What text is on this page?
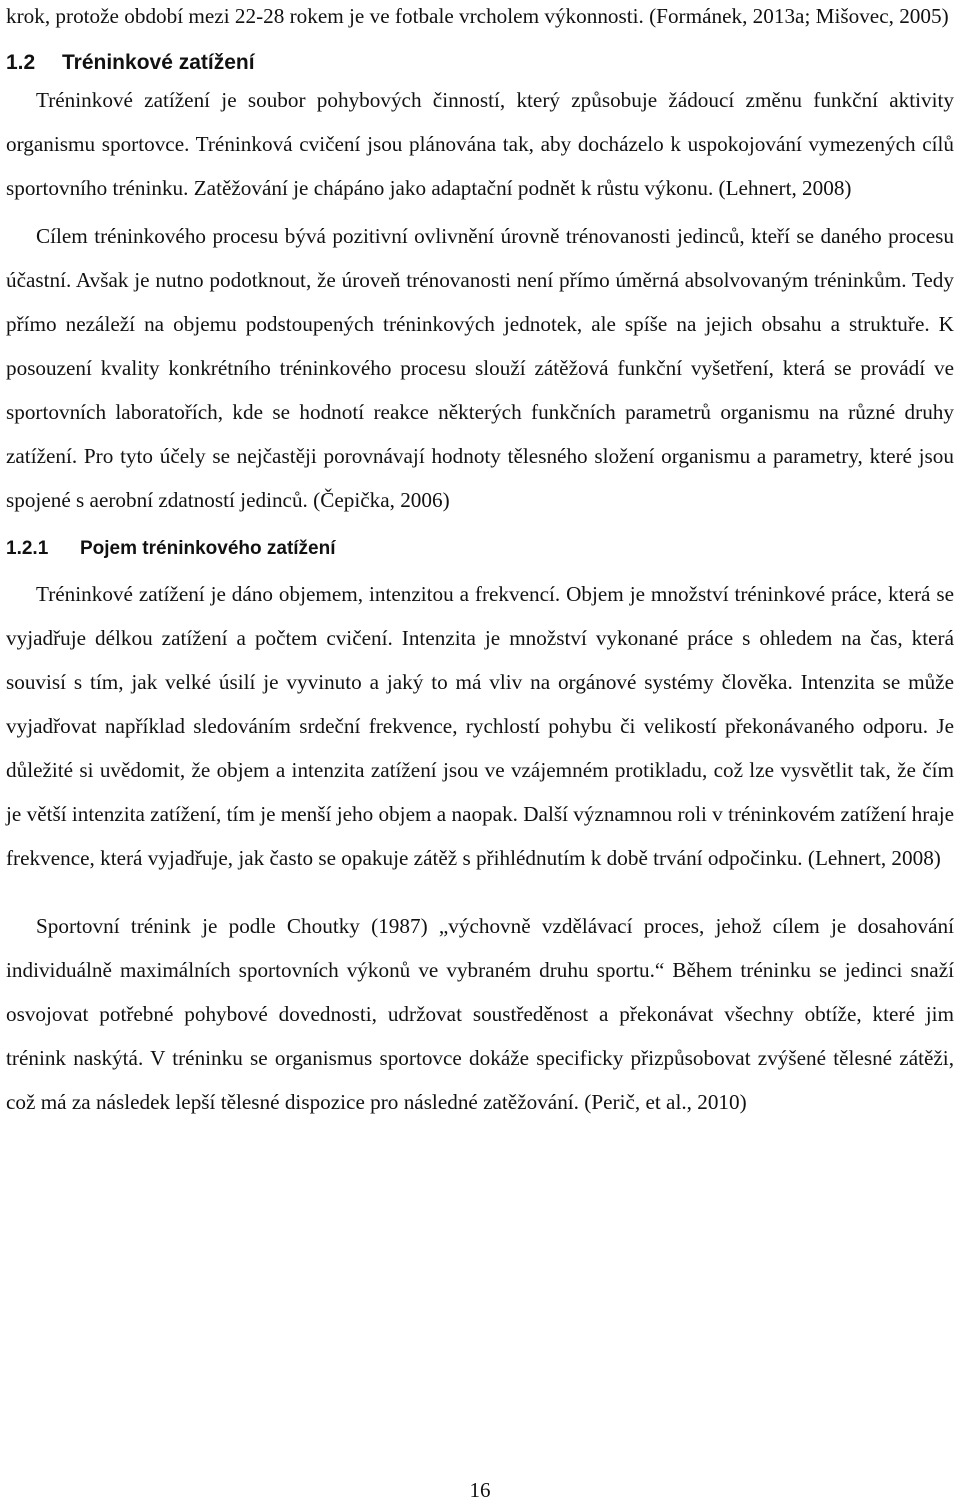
krok, protože období mezi 22-28 rokem je ve fotbale vrcholem výkonnosti. (Formánek, 2013a; Mišovec, 2005)

1.2 Tréninkové zatížení

Tréninkové zatížení je soubor pohybových činností, který způsobuje žádoucí změnu funkční aktivity organismu sportovce. Tréninková cvičení jsou plánována tak, aby docházelo k uspokojování vymezených cílů sportovního tréninku. Zatěžování je chápáno jako adaptační podnět k růstu výkonu. (Lehnert, 2008)

Cílem tréninkového procesu bývá pozitivní ovlivnění úrovně trénovanosti jedinců, kteří se daného procesu účastní. Avšak je nutno podotknout, že úroveň trénovanosti není přímo úměrná absolvovaným tréninkům. Tedy přímo nezáleží na objemu podstoupených tréninkových jednotek, ale spíše na jejich obsahu a struktuře. K posouzení kvality konkrétního tréninkového procesu slouží zátěžová funkční vyšetření, která se provádí ve sportovních laboratořích, kde se hodnotí reakce některých funkčních parametrů organismu na různé druhy zatížení. Pro tyto účely se nejčastěji porovnávají hodnoty tělesného složení organismu a parametry, které jsou spojené s aerobní zdatností jedinců. (Čepička, 2006)

1.2.1 Pojem tréninkového zatížení

Tréninkové zatížení je dáno objemem, intenzitou a frekvencí. Objem je množství tréninkové práce, která se vyjadřuje délkou zatížení a počtem cvičení. Intenzita je množství vykonané práce s ohledem na čas, která souvisí s tím, jak velké úsilí je vyvinuto a jaký to má vliv na orgánové systémy člověka. Intenzita se může vyjadřovat například sledováním srdeční frekvence, rychlostí pohybu či velikostí překonávaného odporu. Je důležité si uvědomit, že objem a intenzita zatížení jsou ve vzájemném protikladu, což lze vysvětlit tak, že čím je větší intenzita zatížení, tím je menší jeho objem a naopak. Další významnou roli v tréninkovém zatížení hraje frekvence, která vyjadřuje, jak často se opakuje zátěž s přihlédnutím k době trvání odpočinku. (Lehnert, 2008)

Sportovní trénink je podle Choutky (1987) „výchovně vzdělávací proces, jehož cílem je dosahování individuálně maximálních sportovních výkonů ve vybraném druhu sportu.“ Během tréninku se jedinci snaží osvojovat potřebné pohybové dovednosti, udržovat soustředěnost a překonávat všechny obtíže, které jim trénink naskýtá. V tréninku se organismus sportovce dokáže specificky přizpůsobovat zvýšené tělesné zátěži, což má za následek lepší tělesné dispozice pro následné zatěžování. (Perič, et al., 2010)

16
